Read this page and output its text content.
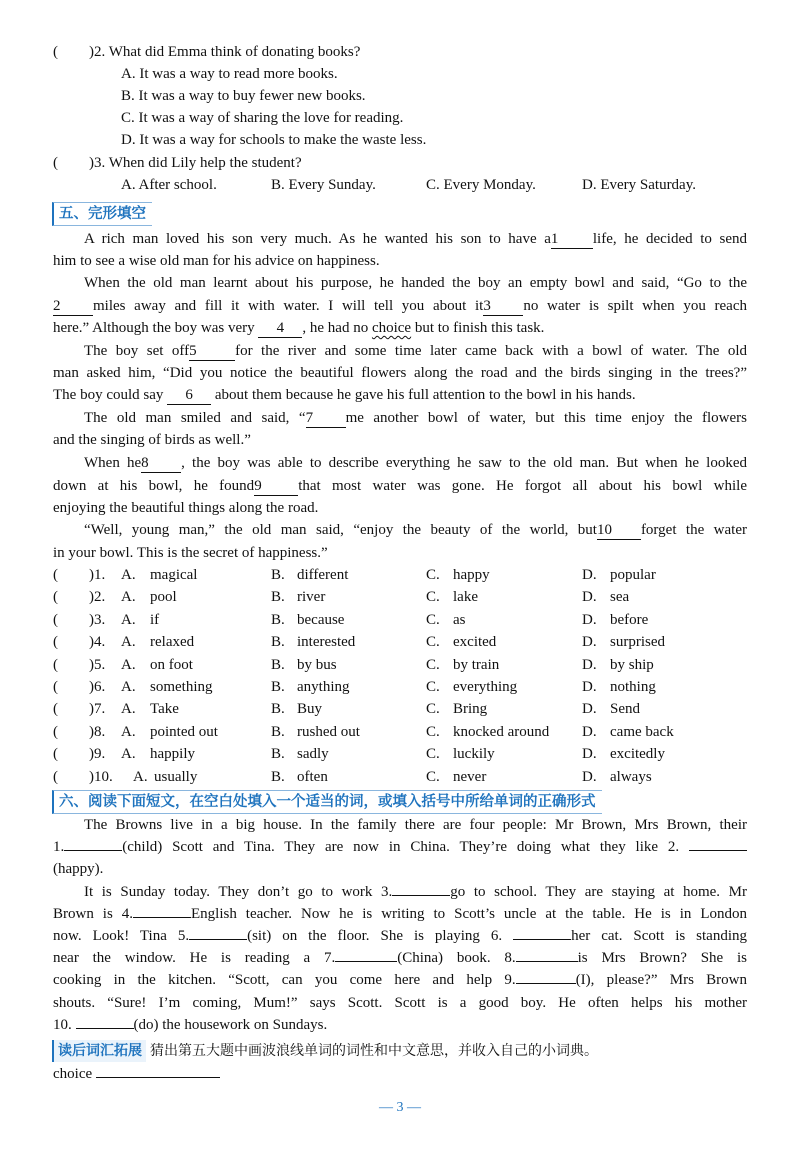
( )2. What did Emma think of donating books?
A. It was a way to read more books.
B. It was a way to buy fewer new books.
C. It was a way of sharing the love for reading.
D. It was a way for schools to make the waste less.
( )3. When did Lily help the student?
A. After school.	B. Every Sunday.	C. Every Monday.	D. Every Saturday.
五、完形填空
A rich man loved his son very much. As he wanted his son to have a1 life, he decided to send
him to see a wise old man for his advice on happiness.
When the old man learnt about his purpose, he handed the boy an empty bowl and said, “Go to the
2 miles away and fill it with water. I will tell you about it3 no water is spilt when you reach
here.” Although the boy was very 4 , he had no choice but to finish this task.
The boy set off5	for the river and some time later came back with a bowl of water. The old
man asked him, “Did you notice the beautiful flowers along the road and the birds singing in the trees?”
The boy could say 6 about them because he gave his full attention to the bowl in his hands.
The old man smiled and said, “7 me another bowl of water, but this time enjoy the flowers
and the singing of birds as well.”
When he8 , the boy was able to describe everything he saw to the old man. But when he looked
down at his bowl, he found9 that most water was gone. He forgot all about his bowl while
enjoying the beautiful things along the road.
“Well, young man,” the old man said, “enjoy the beauty of the world, but10 forget the water
in your bowl. This is the secret of happiness.”
( )1. A. magical	B. different	C. happy	D. popular
( )2. A. pool	B. river	C. lake	D. sea
( )3. A. if	B. because	C. as	D. before
( )4. A. relaxed	B. interested	C. excited	D. surprised
( )5. A. on foot	B. by bus	C. by train	D. by ship
( )6. A. something	B. anything	C. everything	D. nothing
( )7. A. Take	B. Buy	C. Bring	D. Send
( )8. A. pointed out	B. rushed out	C. knocked around D. came back
( )9. A. happily	B. sadly	C. luckily	D. excitedly
( )10. A. usually	B. often	C. never	D. always
六、阅读下面短文，在空白处填入一个适当的词，或填入括号中所给单词的正确形式
The Browns live in a big house. In the family there are four people: Mr Brown, Mrs Brown, their
1.	(child) Scott and Tina. They are now in China. They’re doing what they like 2.
(happy).
It is Sunday today. They don’t go to work 3.	go to school. They are staying at home. Mr
Brown is 4.	English teacher. Now he is writing to Scott’s uncle at the table. He is in London
now. Look! Tina 5.	(sit) on the floor. She is playing 6.	her cat. Scott is standing
near the window. He is reading a 7.	(China) book. 8.	is Mrs Brown? She is
cooking in the kitchen. “Scott, can you come here and help 9.	(I), please?” Mrs Brown
shouts. “Sure! I’m coming, Mum!” says Scott. Scott is a good boy. He often helps his mother
10.	(do) the housework on Sundays.
读后词汇拓展 猜出第五大题中画波浪线单词的词性和中文意思，并收入自己的小词典。
choice
— 3 —
